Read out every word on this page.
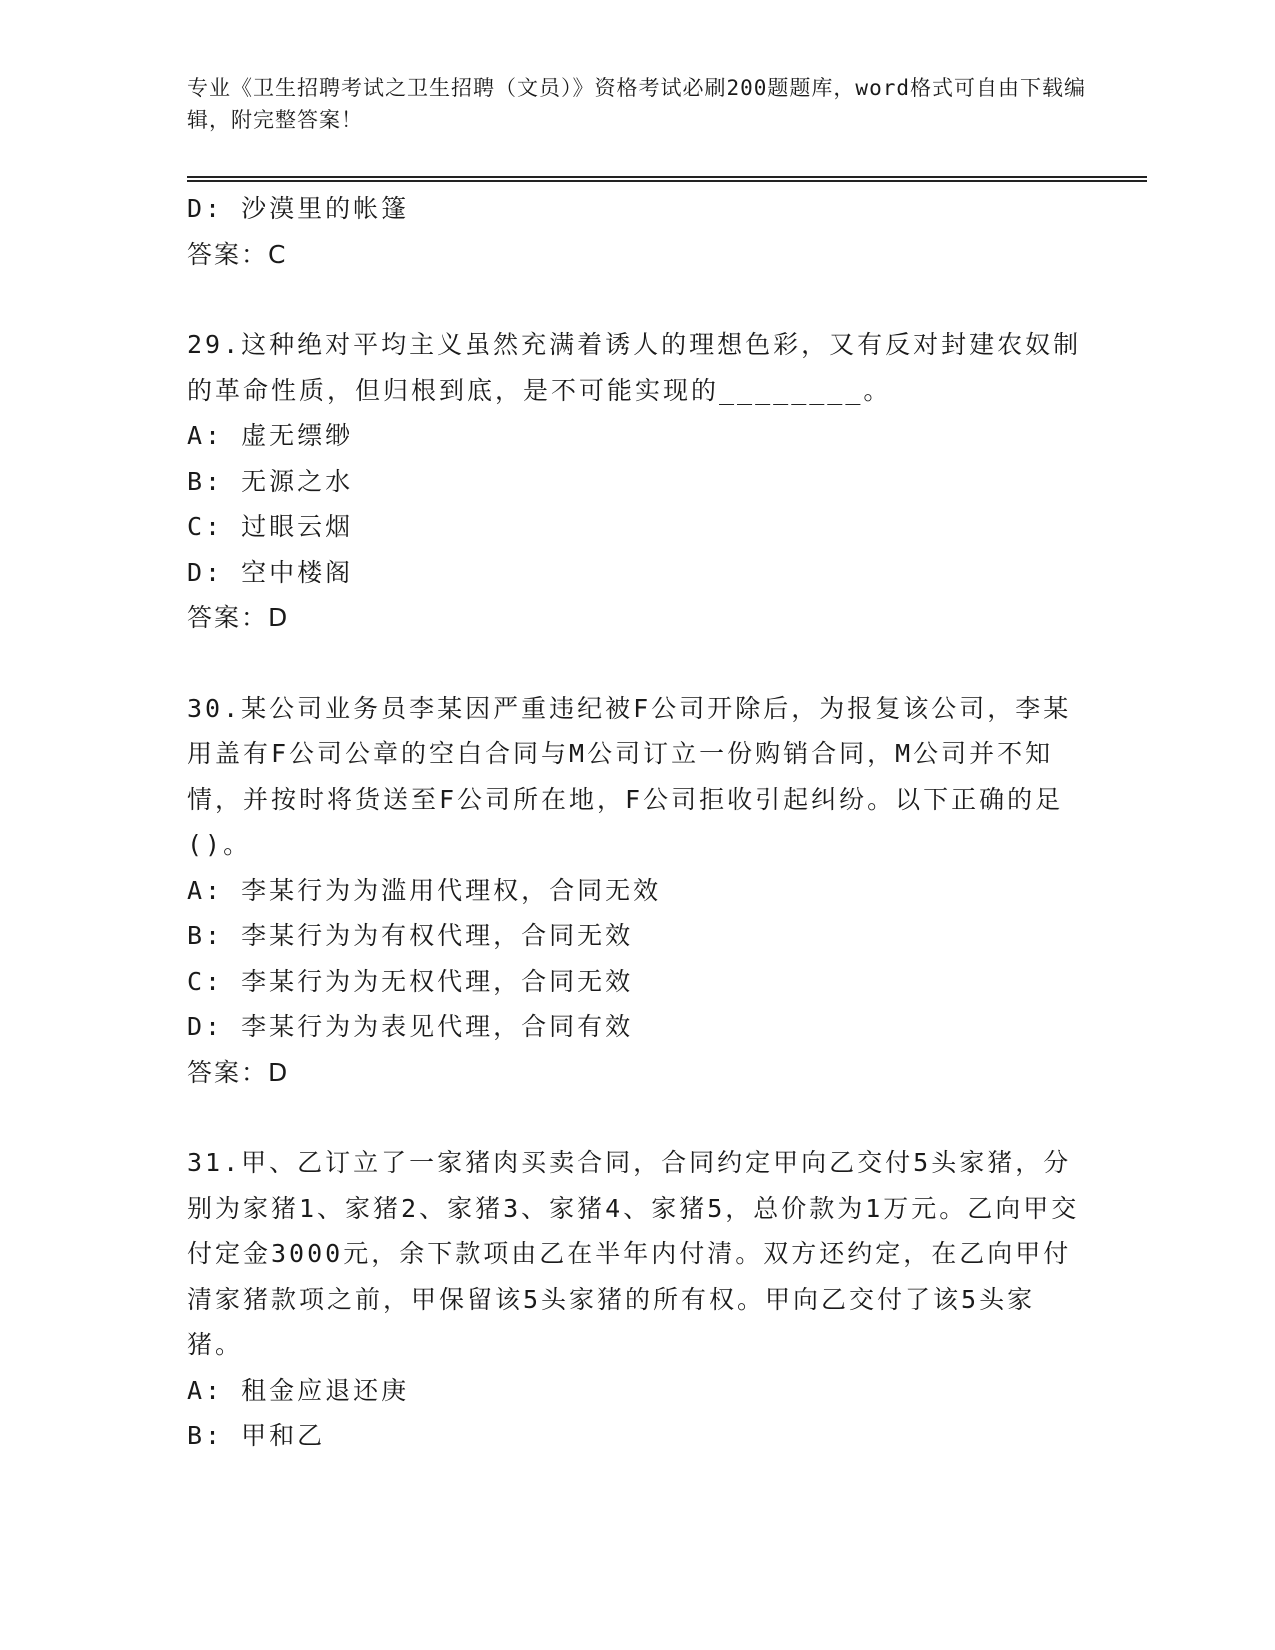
专业《卫生招聘考试之卫生招聘（文员）》资格考试必刷200题题库，word格式可自由下载编辑，附完整答案！

D: 沙漠里的帐篷

答案：C

29.这种绝对平均主义虽然充满着诱人的理想色彩，又有反对封建农奴制的革命性质，但归根到底，是不可能实现的________。

A: 虚无缥缈

B: 无源之水

C: 过眼云烟

D: 空中楼阁

答案：D

30.某公司业务员李某因严重违纪被F公司开除后，为报复该公司，李某用盖有F公司公章的空白合同与M公司订立一份购销合同，M公司并不知情，并按时将货送至F公司所在地，F公司拒收引起纠纷。以下正确的足()。

A: 李某行为为滥用代理权，合同无效

B: 李某行为为有权代理，合同无效

C: 李某行为为无权代理，合同无效

D: 李某行为为表见代理，合同有效

答案：D

31.甲、乙订立了一家猪肉买卖合同，合同约定甲向乙交付5头家猪，分别为家猪1、家猪2、家猪3、家猪4、家猪5，总价款为1万元。乙向甲交付定金3000元，余下款项由乙在半年内付清。双方还约定，在乙向甲付清家猪款项之前，甲保留该5头家猪的所有权。甲向乙交付了该5头家猪。

A: 租金应退还庚

B: 甲和乙
